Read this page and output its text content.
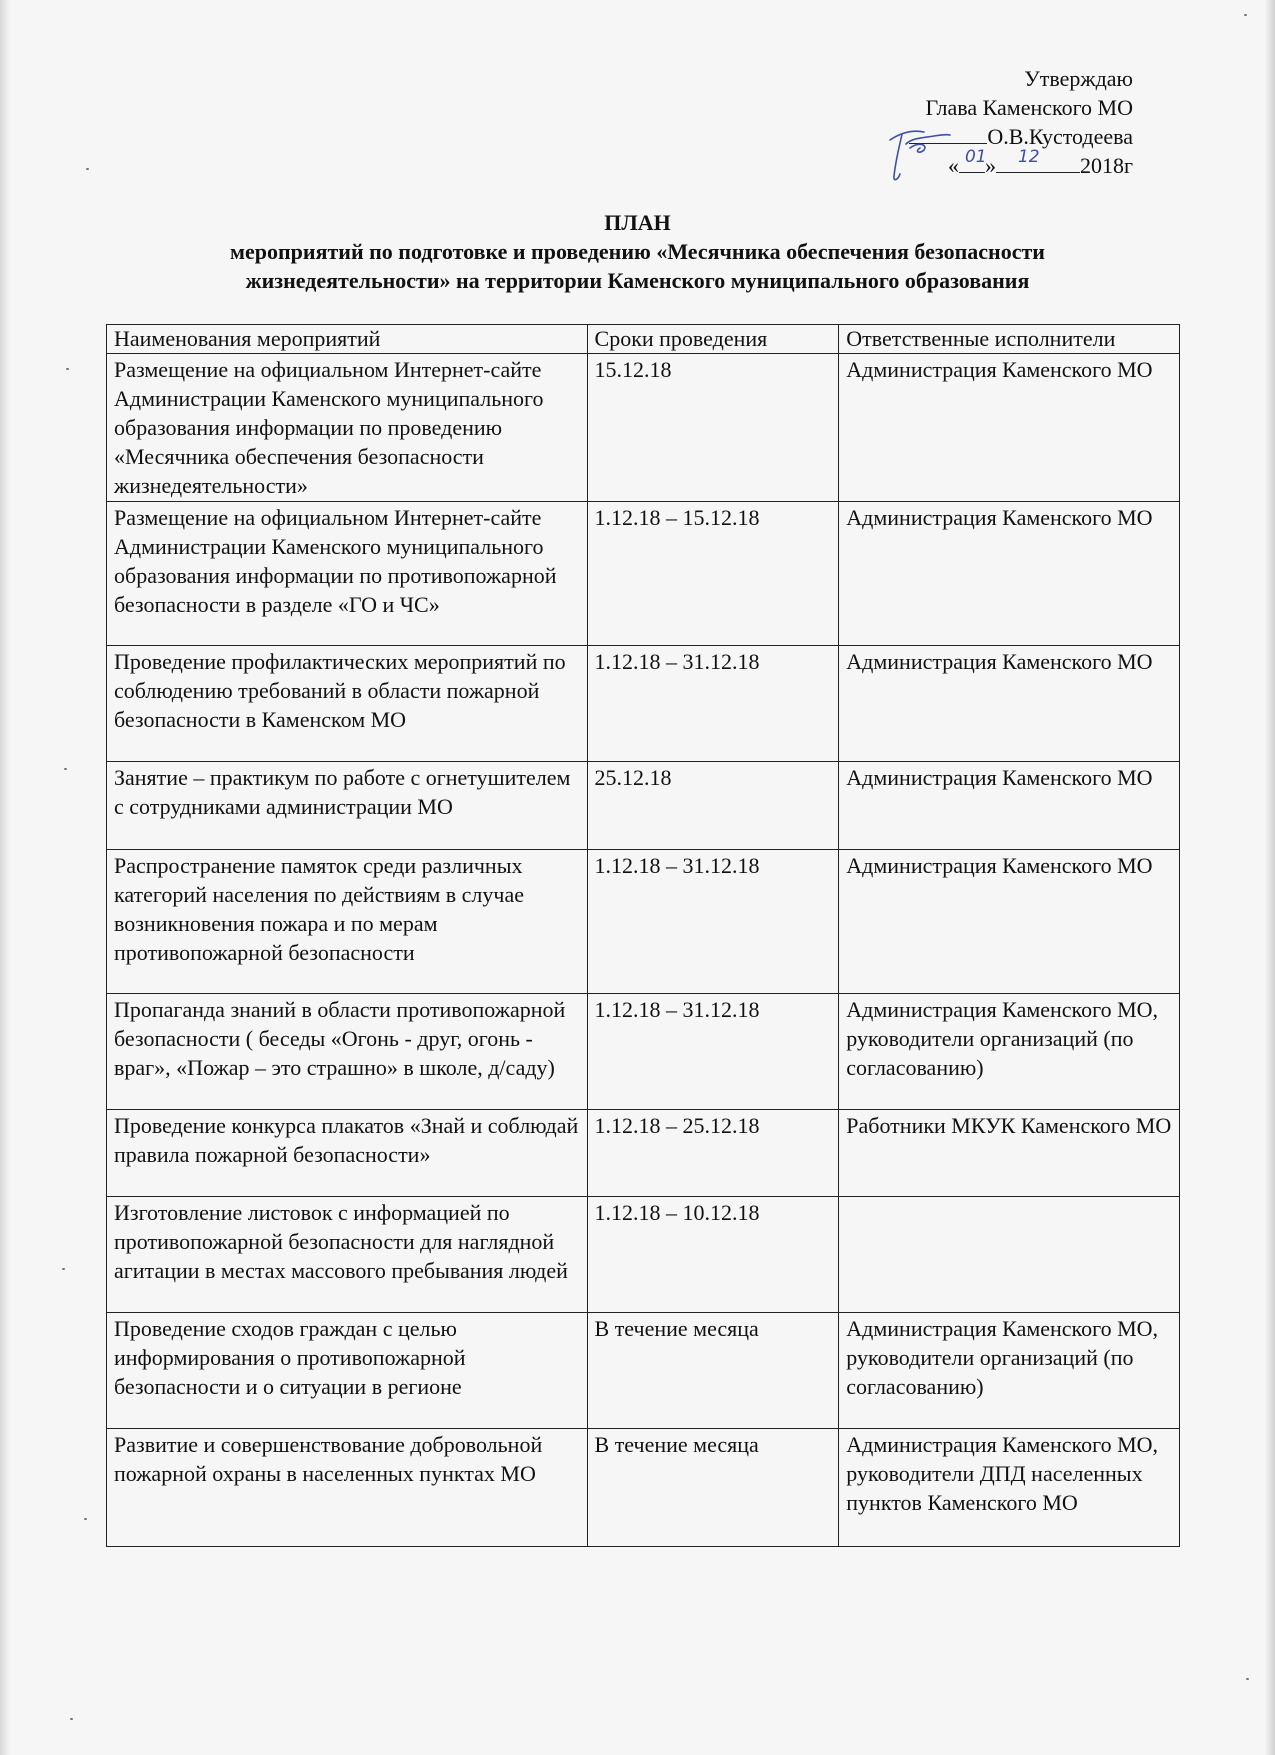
Утверждаю
Глава Каменского МО
О.В.Кустодеева
« 01
» 12 2018г
ПЛАН
мероприятий по подготовке и проведению «Месячника обеспечения безопасности
жизнедеятельности» на территории Каменского муниципального образования
Наименования мероприятий	Сроки проведения	Ответственные исполнители
Размещение на официальном Интернет-сайте Администрации Каменского муниципального образования информации по проведению «Месячника обеспечения безопасности жизнедеятельности»	15.12.18	Администрация Каменского МО
Размещение на официальном Интернет-сайте Администрации Каменского муниципального образования информации по противопожарной безопасности в разделе «ГО и ЧС»	1.12.18 – 15.12.18	Администрация Каменского МО
Проведение профилактических мероприятий по соблюдению требований в области пожарной безопасности в Каменском МО	1.12.18 – 31.12.18	Администрация Каменского МО
Занятие – практикум по работе с огнетушителем с сотрудниками администрации МО	25.12.18	Администрация Каменского МО
Распространение памяток среди различных категорий населения по действиям в случае возникновения пожара и по мерам противопожарной безопасности	1.12.18 – 31.12.18	Администрация Каменского МО
Пропаганда знаний в области противопожарной безопасности ( беседы «Огонь - друг, огонь - враг», «Пожар – это страшно» в школе, д/саду)	1.12.18 – 31.12.18	Администрация Каменского МО, руководители организаций (по согласованию)
Проведение конкурса плакатов «Знай и соблюдай правила пожарной безопасности»	1.12.18 – 25.12.18	Работники МКУК Каменского МО
Изготовление листовок с информацией по противопожарной безопасности для наглядной агитации в местах массового пребывания людей	1.12.18 – 10.12.18	
Проведение сходов граждан с целью информирования о противопожарной безопасности и о ситуации в регионе	В течение месяца	Администрация Каменского МО, руководители организаций (по согласованию)
Развитие и совершенствование добровольной пожарной охраны в населенных пунктах МО	В течение месяца	Администрация Каменского МО, руководители ДПД населенных пунктов Каменского МО
